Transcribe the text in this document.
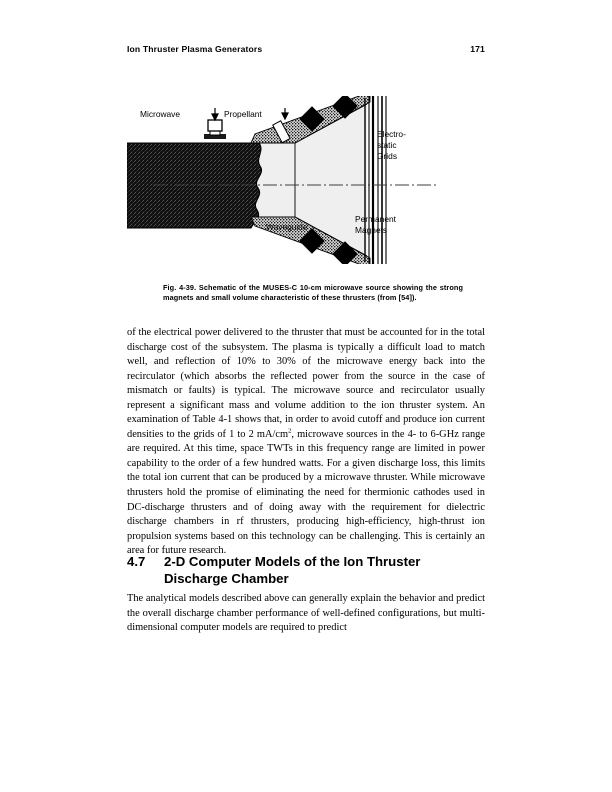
Ion Thruster Plasma Generators	171
Microwave	Propellant
Waveguide
Electro-
static
Grids
Permanent
Magnets
Fig. 4-39. Schematic of the MUSES-C 10-cm microwave source showing the strong magnets and small volume characteristic of these thrusters (from [54]).

of the electrical power delivered to the thruster that must be accounted for in the total discharge cost of the subsystem. The plasma is typically a difficult load to match well, and reflection of 10% to 30% of the microwave energy back into the recirculator (which absorbs the reflected power from the source in the case of mismatch or faults) is typical. The microwave source and recirculator usually represent a significant mass and volume addition to the ion thruster system. An examination of Table 4-1 shows that, in order to avoid cutoff and produce ion current densities to the grids of 1 to 2 $mA/cm^2$, microwave sources in the 4- to 6-GHz range are required. At this time, space TWTs in this frequency range are limited in power capability to the order of a few hundred watts. For a given discharge loss, this limits the total ion current that can be produced by a microwave thruster. While microwave thrusters hold the promise of eliminating the need for thermionic cathodes used in DC-discharge thrusters and of doing away with the requirement for dielectric discharge chambers in rf thrusters, producing high-efficiency, high-thrust ion propulsion systems based on this technology can be challenging. This is certainly an area for future research.

4.7 2-D Computer Models of the Ion Thruster
Discharge Chamber

The analytical models described above can generally explain the behavior and predict the overall discharge chamber performance of well-defined configurations, but multi-dimensional computer models are required to predict
